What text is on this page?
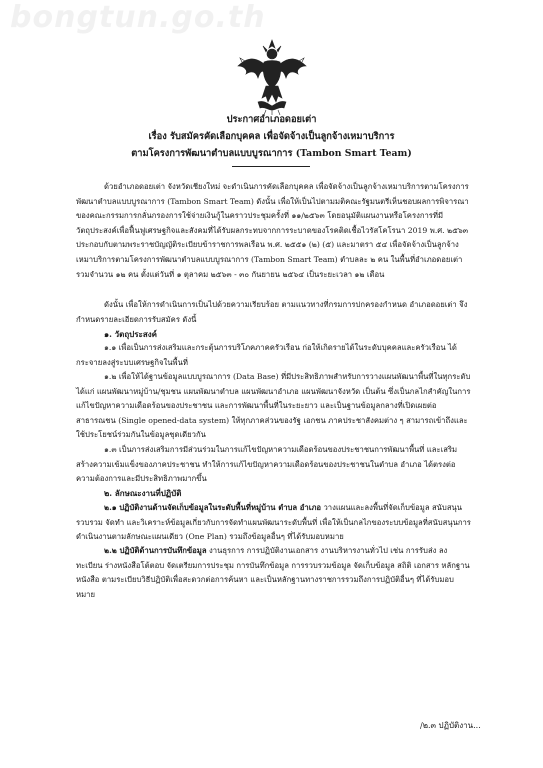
bongtun.go.th
ประกาศอำเภอดอยเต่า
เรื่อง รับสมัครคัดเลือกบุคคล เพื่อจัดจ้างเป็นลูกจ้างเหมาบริการ
ตามโครงการพัฒนาตำบลแบบบูรณาการ (Tambon Smart Team)

ด้วยอำเภอดอยเต่า จังหวัดเชียงใหม่ จะดำเนินการคัดเลือกบุคคล เพื่อจัดจ้างเป็นลูกจ้างเหมาบริการตามโครงการพัฒนาตำบลแบบบูรณาการ (Tambon Smart Team) ดังนั้น เพื่อให้เป็นไปตามมติคณะรัฐมนตรีเห็นชอบผลการพิจารณาของคณะกรรมการกลั่นกรองการใช้จ่ายเงินกู้ในคราวประชุมครั้งที่ ๑๑/๒๕๖๓ โดยอนุมัติแผนงานหรือโครงการที่มีวัตถุประสงค์เพื่อฟื้นฟูเศรษฐกิจและสังคมที่ได้รับผลกระทบจากการระบาดของโรคติดเชื้อไวรัสโคโรนา 2019 พ.ศ. ๒๕๖๓ ประกอบกับตามพระราชบัญญัติระเบียบข้าราชการพลเรือน พ.ศ. ๒๕๕๑ (๒) (๕) และมาตรา ๕๔ เพื่อจัดจ้างเป็นลูกจ้างเหมาบริการตามโครงการพัฒนาตำบลแบบบูรณาการ (Tambon Smart Team) ตำบลละ ๒ คน ในพื้นที่อำเภอดอยเต่า รวมจำนวน ๑๒ คน ตั้งแต่วันที่ ๑ ตุลาคม ๒๕๖๓ - ๓๐ กันยายน ๒๕๖๔ เป็นระยะเวลา ๑๒ เดือน

ดังนั้น เพื่อให้การดำเนินการเป็นไปด้วยความเรียบร้อย ตามแนวทางที่กรมการปกครองกำหนด อำเภอดอยเต่า จึงกำหนดรายละเอียดการรับสมัคร ดังนี้

๑. วัตถุประสงค์

๑.๑ เพื่อเป็นการส่งเสริมและกระตุ้นการบริโภคภาคครัวเรือน ก่อให้เกิดรายได้ในระดับบุคคลและครัวเรือน ได้กระจายลงสู่ระบบเศรษฐกิจในพื้นที่

๑.๒ เพื่อให้ได้ฐานข้อมูลแบบบูรณาการ (Data Base) ที่มีประสิทธิภาพสำหรับการวางแผนพัฒนาพื้นที่ในทุกระดับ ได้แก่ แผนพัฒนาหมู่บ้าน/ชุมชน แผนพัฒนาตำบล แผนพัฒนาอำเภอ แผนพัฒนาจังหวัด เป็นต้น ซึ่งเป็นกลไกสำคัญในการแก้ไขปัญหาความเดือดร้อนของประชาชน และการพัฒนาพื้นที่ในระยะยาว และเป็นฐานข้อมูลกลางที่เปิดเผยต่อสาธารณชน (Single opened-data system) ให้ทุกภาคส่วนของรัฐ เอกชน ภาคประชาสังคมต่าง ๆ สามารถเข้าถึงและใช้ประโยชน์ร่วมกันในข้อมูลชุดเดียวกัน

๑.๓ เป็นการส่งเสริมการมีส่วนร่วมในการแก้ไขปัญหาความเดือดร้อนของประชาชนการพัฒนาพื้นที่ และเสริมสร้างความเข้มแข็งของภาคประชาชน ทำให้การแก้ไขปัญหาความเดือดร้อนของประชาชนในตำบล อำเภอ ได้ตรงต่อความต้องการและมีประสิทธิภาพมากขึ้น

๒. ลักษณะงานที่ปฏิบัติ

๒.๑ ปฏิบัติงานด้านจัดเก็บข้อมูลในระดับพื้นที่หมู่บ้าน ตำบล อำเภอ วางแผนและลงพื้นที่จัดเก็บข้อมูล สนับสนุน รวบรวม จัดทำ และวิเคราะห์ข้อมูลเกี่ยวกับการจัดทำแผนพัฒนาระดับพื้นที่ เพื่อให้เป็นกลไกของระบบข้อมูลที่สนับสนุนการดำเนินงานตามลักษณะแผนเดียว (One Plan) รวมถึงข้อมูลอื่นๆ ที่ได้รับมอบหมาย

๒.๒ ปฏิบัติด้านการบันทึกข้อมูล งานธุรการ การปฏิบัติงานเอกสาร งานบริหารงานทั่วไป เช่น การรับส่ง ลงทะเบียน ร่างหนังสือโต้ตอบ จัดเตรียมการประชุม การบันทึกข้อมูล การรวบรวมข้อมูล จัดเก็บข้อมูล สถิติ เอกสาร หลักฐานหนังสือ ตามระเบียบวิธีปฏิบัติเพื่อสะดวกต่อการค้นหา และเป็นหลักฐานทางราชการรวมถึงการปฏิบัติอื่นๆ ที่ได้รับมอบหมาย

/๒.๓ ปฏิบัติงาน...
